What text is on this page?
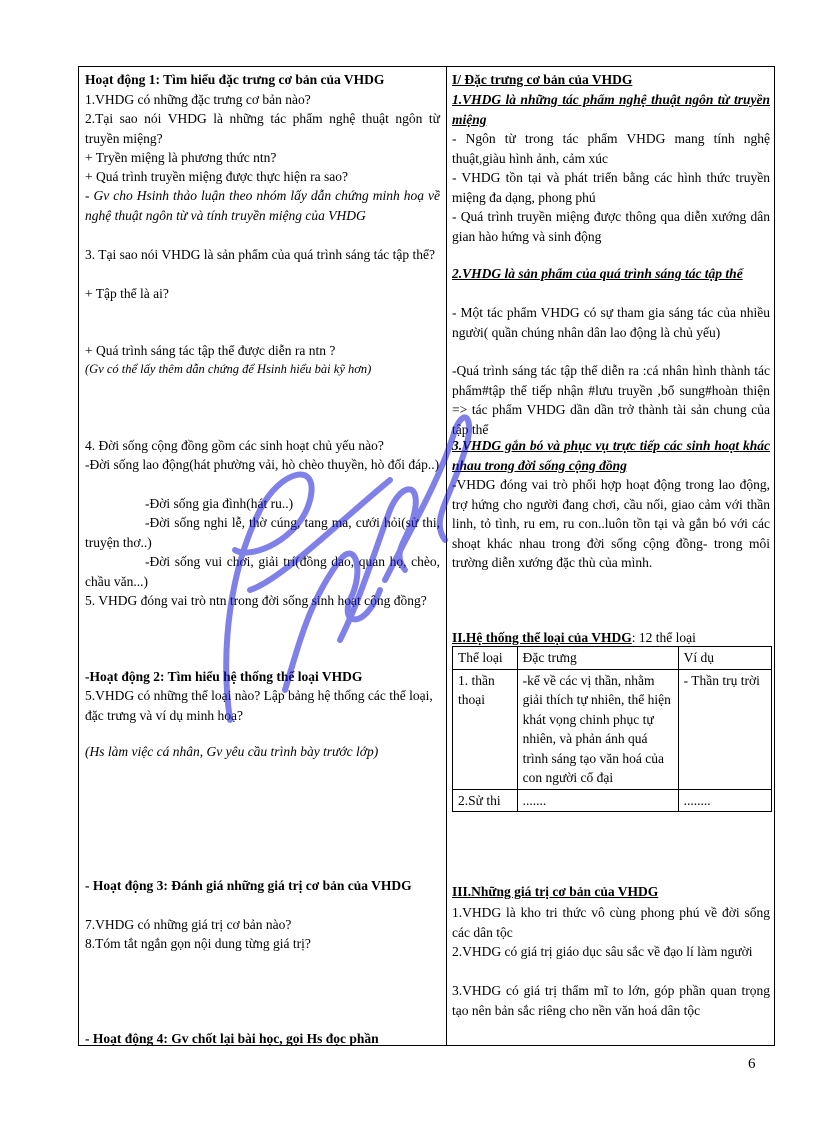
Hoạt động 1: Tìm hiểu đặc trưng cơ bản của VHDG

1.VHDG có những đặc trưng cơ bản nào?

2.Tại sao nói VHDG là những tác phẩm nghệ thuật ngôn từ truyền miệng?

+ Tryền miệng là phương thức ntn?

+ Quá trình truyền miệng được thực hiện ra sao?

- Gv cho Hsinh thảo luận theo nhóm lấy dẫn chứng minh hoạ về nghệ thuật ngôn từ và tính truyền miệng của VHDG

3. Tại sao nói VHDG là sản phẩm của quá trình sáng tác tập thể?

+ Tập thể là ai?

+ Quá trình sáng tác tập thể được diễn ra ntn ?

(Gv có thể lấy thêm dẫn chứng để Hsinh hiểu bài kỹ hơn)

4. Đời sống cộng đồng gồm các sinh hoạt chủ yếu nào?

-Đời sống lao động(hát phường vải, hò chèo thuyền, hò đối đáp..)

-Đời sống gia đình(hát ru..)

-Đời sống nghi lễ, thờ cúng, tang ma, cưới hỏi(sử thi, truyện thơ..)

-Đời sống vui chơi, giải trí(đồng dao, quan họ, chèo, chầu văn...)

5. VHDG đóng vai trò ntn trong đời sống sinh hoạt cộng đồng?

-Hoạt động 2: Tìm hiểu hệ thống thể loại VHDG

5.VHDG có những thể loại nào? Lập bảng hệ thống các thể loại, đặc trưng và ví dụ minh hoạ?

(Hs làm việc cá nhân, Gv yêu cầu trình bày trước lớp)

- Hoạt động 3: Đánh giá những giá trị cơ bản của VHDG

7.VHDG có những giá trị cơ bản nào?

8.Tóm tắt ngắn gọn nội dung từng giá trị?

- Hoạt động 4: Gv chốt lại bài học, gọi Hs đọc phần

I/ Đặc trưng cơ bản của VHDG

1.VHDG là những tác phẩm nghệ thuật ngôn từ truyền miệng

- Ngôn từ trong tác phẩm VHDG mang tính nghệ thuật,giàu hình ảnh, cảm xúc

- VHDG tồn tại và phát triển bằng các hình thức truyền miệng đa dạng, phong phú

- Quá trình truyền miệng được thông qua diễn xướng dân gian hào hứng và sinh động

2.VHDG là sản phẩm của quá trình sáng tác tập thể

- Một tác phẩm VHDG có sự tham gia sáng tác của nhiều người( quần chúng nhân dân lao động là chủ yếu)

-Quá trình sáng tác tập thể diễn ra :cá nhân hình thành tác phẩm#tập thể tiếp nhận #lưu truyền ,bổ sung#hoàn thiện => tác phẩm VHDG dần dần trở thành tài sản chung của tập thể

3.VHDG gắn bó và phục vụ trực tiếp các sinh hoạt khác nhau trong đời sống cộng đồng

-VHDG đóng vai trò phối hợp hoạt động trong lao động, trợ hứng cho người đang chơi, cầu nối, giao cảm với thần linh, tỏ tình, ru em, ru con..luôn tồn tại và gắn bó với các shoạt khác nhau trong đời sống cộng đồng- trong môi trường diễn xướng đặc thù của mình.

II.Hệ thống thể loại của VHDG: 12 thể loại

III.Những giá trị cơ bản của VHDG

1.VHDG là kho tri thức vô cùng phong phú về đời sống các dân tộc

2.VHDG có giá trị giáo dục sâu sắc về đạo lí làm người

3.VHDG có giá trị thẩm mĩ to lớn, góp phần quan trọng tạo nên bản sắc riêng cho nền văn hoá dân tộc

Thể loại	Đặc trưng	Ví dụ
1. thần thoại	-kể về các vị thần, nhằm giải thích tự nhiên, thể hiện khát vọng chinh phục tự nhiên, và phản ánh quá trình sáng tạo văn hoá của con người cổ đại	- Thần trụ trời
2.Sử thi	.......	........
6
